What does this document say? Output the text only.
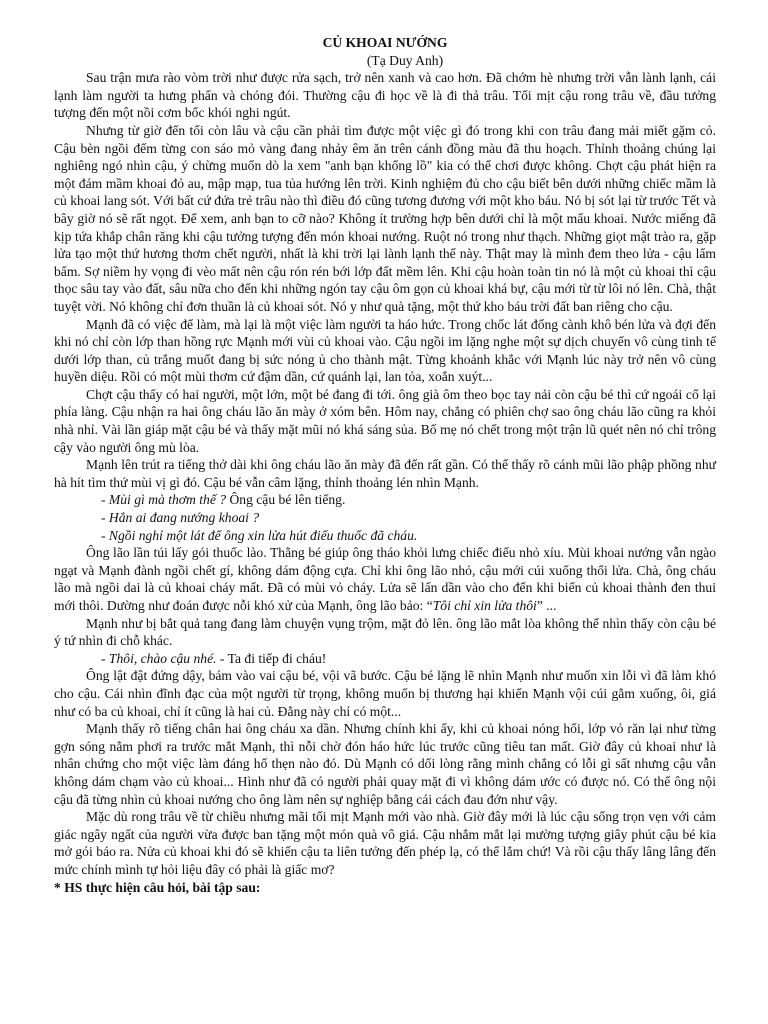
CỦ KHOAI NƯỚNG

(Tạ Duy Anh)

Sau trận mưa rào vòm trời như được rửa sạch, trở nên xanh và cao hơn. Đã chớm hè nhưng trời vẫn lành lạnh, cái lạnh làm người ta hưng phấn và chóng đói. Thường cậu đi học về là đi thả trâu. Tối mịt cậu rong trâu về, đầu tưởng tượng đến một nồi cơm bốc khói nghi ngút.

Nhưng từ giờ đến tối còn lâu và cậu cần phải tìm được một việc gì đó trong khi con trâu đang mải miết gặm cỏ. Cậu bèn ngồi đếm từng con sáo mỏ vàng đang nhảy êm ăn trên cánh đồng màu đã thu hoạch. Thỉnh thoảng chúng lại nghiêng ngó nhìn cậu, ý chừng muốn dò la xem "anh bạn khổng lồ" kia có thể chơi được không. Chợt cậu phát hiện ra một đám mầm khoai đỏ au, mập mạp, tua tủa hướng lên trời. Kinh nghiệm đủ cho cậu biết bên dưới những chiếc mầm là củ khoai lang sót. Với bất cứ đứa trẻ trâu nào thì điều đó cũng tương đương với một kho báu. Nó bị sót lại từ trước Tết và bây giờ nó sẽ rất ngọt. Để xem, anh bạn to cỡ nào? Không ít trường hợp bên dưới chỉ là một mẩu khoai. Nước miếng đã kịp tứa khắp chân răng khi cậu tưởng tượng đến món khoai nướng. Ruột nó trong như thạch. Những giọt mật trào ra, gặp lửa tạo một thứ hương thơm chết người, nhất là khi trời lại lành lạnh thế này. Thật may là mình đem theo lửa - cậu lẩm bẩm. Sợ niềm hy vọng đi vèo mất nên cậu rón rén bới lớp đất mềm lên. Khi cậu hoàn toàn tin nó là một củ khoai thì cậu thọc sâu tay vào đất, sâu nữa cho đến khi những ngón tay cậu ôm gọn củ khoai khá bự, cậu mới từ từ lôi nó lên. Chà, thật tuyệt vời. Nó không chỉ đơn thuần là củ khoai sót. Nó y như quà tặng, một thứ kho báu trời đất ban riêng cho cậu.

Mạnh đã có việc để làm, mà lại là một việc làm người ta háo hức. Trong chốc lát đống cành khô bén lửa và đợi đến khi nó chỉ còn lớp than hồng rực Mạnh mới vùi củ khoai vào. Cậu ngồi im lặng nghe một sự dịch chuyển vô cùng tinh tế dưới lớp than, củ trắng muốt đang bị sức nóng ủ cho thành mật. Từng khoảnh khắc với Mạnh lúc này trở nên vô cùng huyền diệu. Rồi có một mùi thơm cứ đậm dần, cứ quánh lại, lan tỏa, xoắn xuýt...

Chợt cậu thấy có hai người, một lớn, một bé đang đi tới. ông già ôm theo bọc tay nải còn cậu bé thì cứ ngoái cổ lại phía làng. Cậu nhận ra hai ông cháu lão ăn mày ở xóm bên. Hôm nay, chẳng có phiên chợ sao ông cháu lão cũng ra khỏi nhà nhỉ. Vài lần giáp mặt cậu bé và thấy mặt mũi nó khá sáng sủa. Bố mẹ nó chết trong một trận lũ quét nên nó chỉ trông cậy vào người ông mù lòa.

Mạnh lên trút ra tiếng thở dài khi ông cháu lão ăn mày đã đến rất gần. Có thể thấy rõ cánh mũi lão phập phồng như hà hít tìm thứ mùi vị gì đó. Cậu bé vẫn câm lặng, thỉnh thoảng lén nhìn Mạnh.

- Mùi gì mà thơm thế ? Ông cậu bé lên tiếng.

- Hẳn ai đang nướng khoai ?

- Ngồi nghỉ một lát để ông xin lửa hút điếu thuốc đã cháu.

Ông lão lần túi lấy gói thuốc lào. Thằng bé giúp ông tháo khỏi lưng chiếc điếu nhỏ xíu. Mùi khoai nướng vẫn ngào ngạt và Mạnh đành ngồi chết gí, không dám động cựa. Chỉ khi ông lão nhỏ, cậu mới cúi xuống thổi lửa. Chà, ông cháu lão mà ngồi dai là củ khoai cháy mất. Đã có mùi vỏ cháy. Lửa sẽ lấn dần vào cho đến khi biến củ khoai thành đen thui mới thôi. Dường như đoán được nỗi khó xử của Mạnh, ông lão bảo: “Tôi chỉ xin lửa thôi” ...

Mạnh như bị bắt quả tang đang làm chuyện vụng trộm, mặt đỏ lên. ông lão mắt lòa không thể nhìn thấy còn cậu bé ý tứ nhìn đi chỗ khác.

- Thôi, chào cậu nhé. - Ta đi tiếp đi cháu!

Ông lật đật đứng dậy, bám vào vai cậu bé, vội vã bước. Cậu bé lặng lẽ nhìn Mạnh như muốn xin lỗi vì đã làm khó cho cậu. Cái nhìn đĩnh đạc của một người từ trọng, không muốn bị thương hại khiến Mạnh vội cúi gằm xuống, ôi, giá như có ba củ khoai, chỉ ít cũng là hai củ. Đằng này chỉ có một...

Mạnh thấy rõ tiếng chân hai ông cháu xa dần. Nhưng chính khi ấy, khi củ khoai nóng hổi, lớp vỏ răn lại như từng gợn sóng nằm phơi ra trước mắt Mạnh, thì nỗi chờ đón háo hức lúc trước cũng tiêu tan mất. Giờ đây củ khoai như là nhân chứng cho một việc làm đáng hổ thẹn nào đó. Dù Mạnh có dối lòng rằng mình chẳng có lỗi gì sất nhưng cậu vẫn không dám chạm vào củ khoai... Hình như đã có người phải quay mặt đi vì không dám ước có được nó. Có thể ông nội cậu đã từng nhìn củ khoai nướng cho ông làm nên sự nghiệp bằng cái cách đau đớn như vậy.

Mặc dù rong trâu về từ chiều nhưng mãi tối mịt Mạnh mới vào nhà. Giờ đây mới là lúc cậu sống trọn vẹn với cảm giác ngây ngất của người vừa được ban tặng một món quà vô giá. Cậu nhắm mắt lại mường tượng giây phút cậu bé kia mở gói báo ra. Nửa củ khoai khi đó sẽ khiến cậu ta liên tưởng đến phép lạ, có thể lắm chứ! Và rồi cậu thấy lâng lâng đến mức chính mình tự hỏi liệu đây có phải là giấc mơ?

* HS thực hiện câu hỏi, bài tập sau:
